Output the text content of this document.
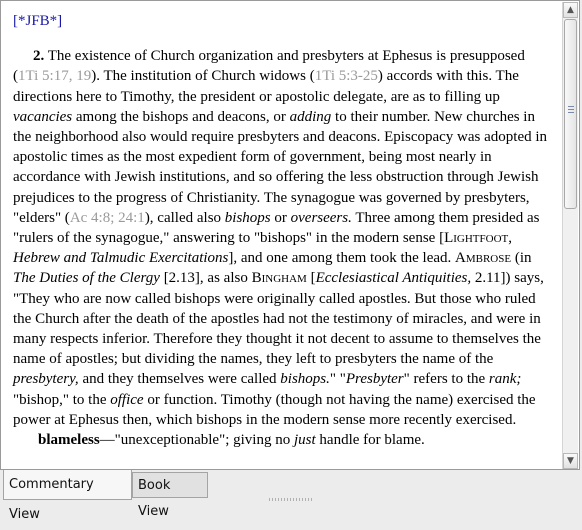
[*JFB*]

2. The existence of Church organization and presbyters at Ephesus is presupposed (1Ti 5:17, 19). The institution of Church widows (1Ti 5:3-25) accords with this. The directions here to Timothy, the president or apostolic delegate, are as to filling up vacancies among the bishops and deacons, or adding to their number. New churches in the neighborhood also would require presbyters and deacons. Episcopacy was adopted in apostolic times as the most expedient form of government, being most nearly in accordance with Jewish institutions, and so offering the less obstruction through Jewish prejudices to the progress of Christianity. The synagogue was governed by presbyters, "elders" (Ac 4:8; 24:1), called also bishops or overseers. Three among them presided as "rulers of the synagogue," answering to "bishops" in the modern sense [Lightfoot, Hebrew and Talmudic Exercitations], and one among them took the lead. Ambrose (in The Duties of the Clergy [2.13], as also Bingham [Ecclesiastical Antiquities, 2.11]) says, "They who are now called bishops were originally called apostles. But those who ruled the Church after the death of the apostles had not the testimony of miracles, and were in many respects inferior. Therefore they thought it not decent to assume to themselves the name of apostles; but dividing the names, they left to presbyters the name of the presbytery, and they themselves were called bishops." "Presbyter" refers to the rank; "bishop," to the office or function. Timothy (though not having the name) exercised the power at Ephesus then, which bishops in the modern sense more recently exercised.

blameless—"unexceptionable"; giving no just handle for blame.

▲
▼
Commentary View
Book View
